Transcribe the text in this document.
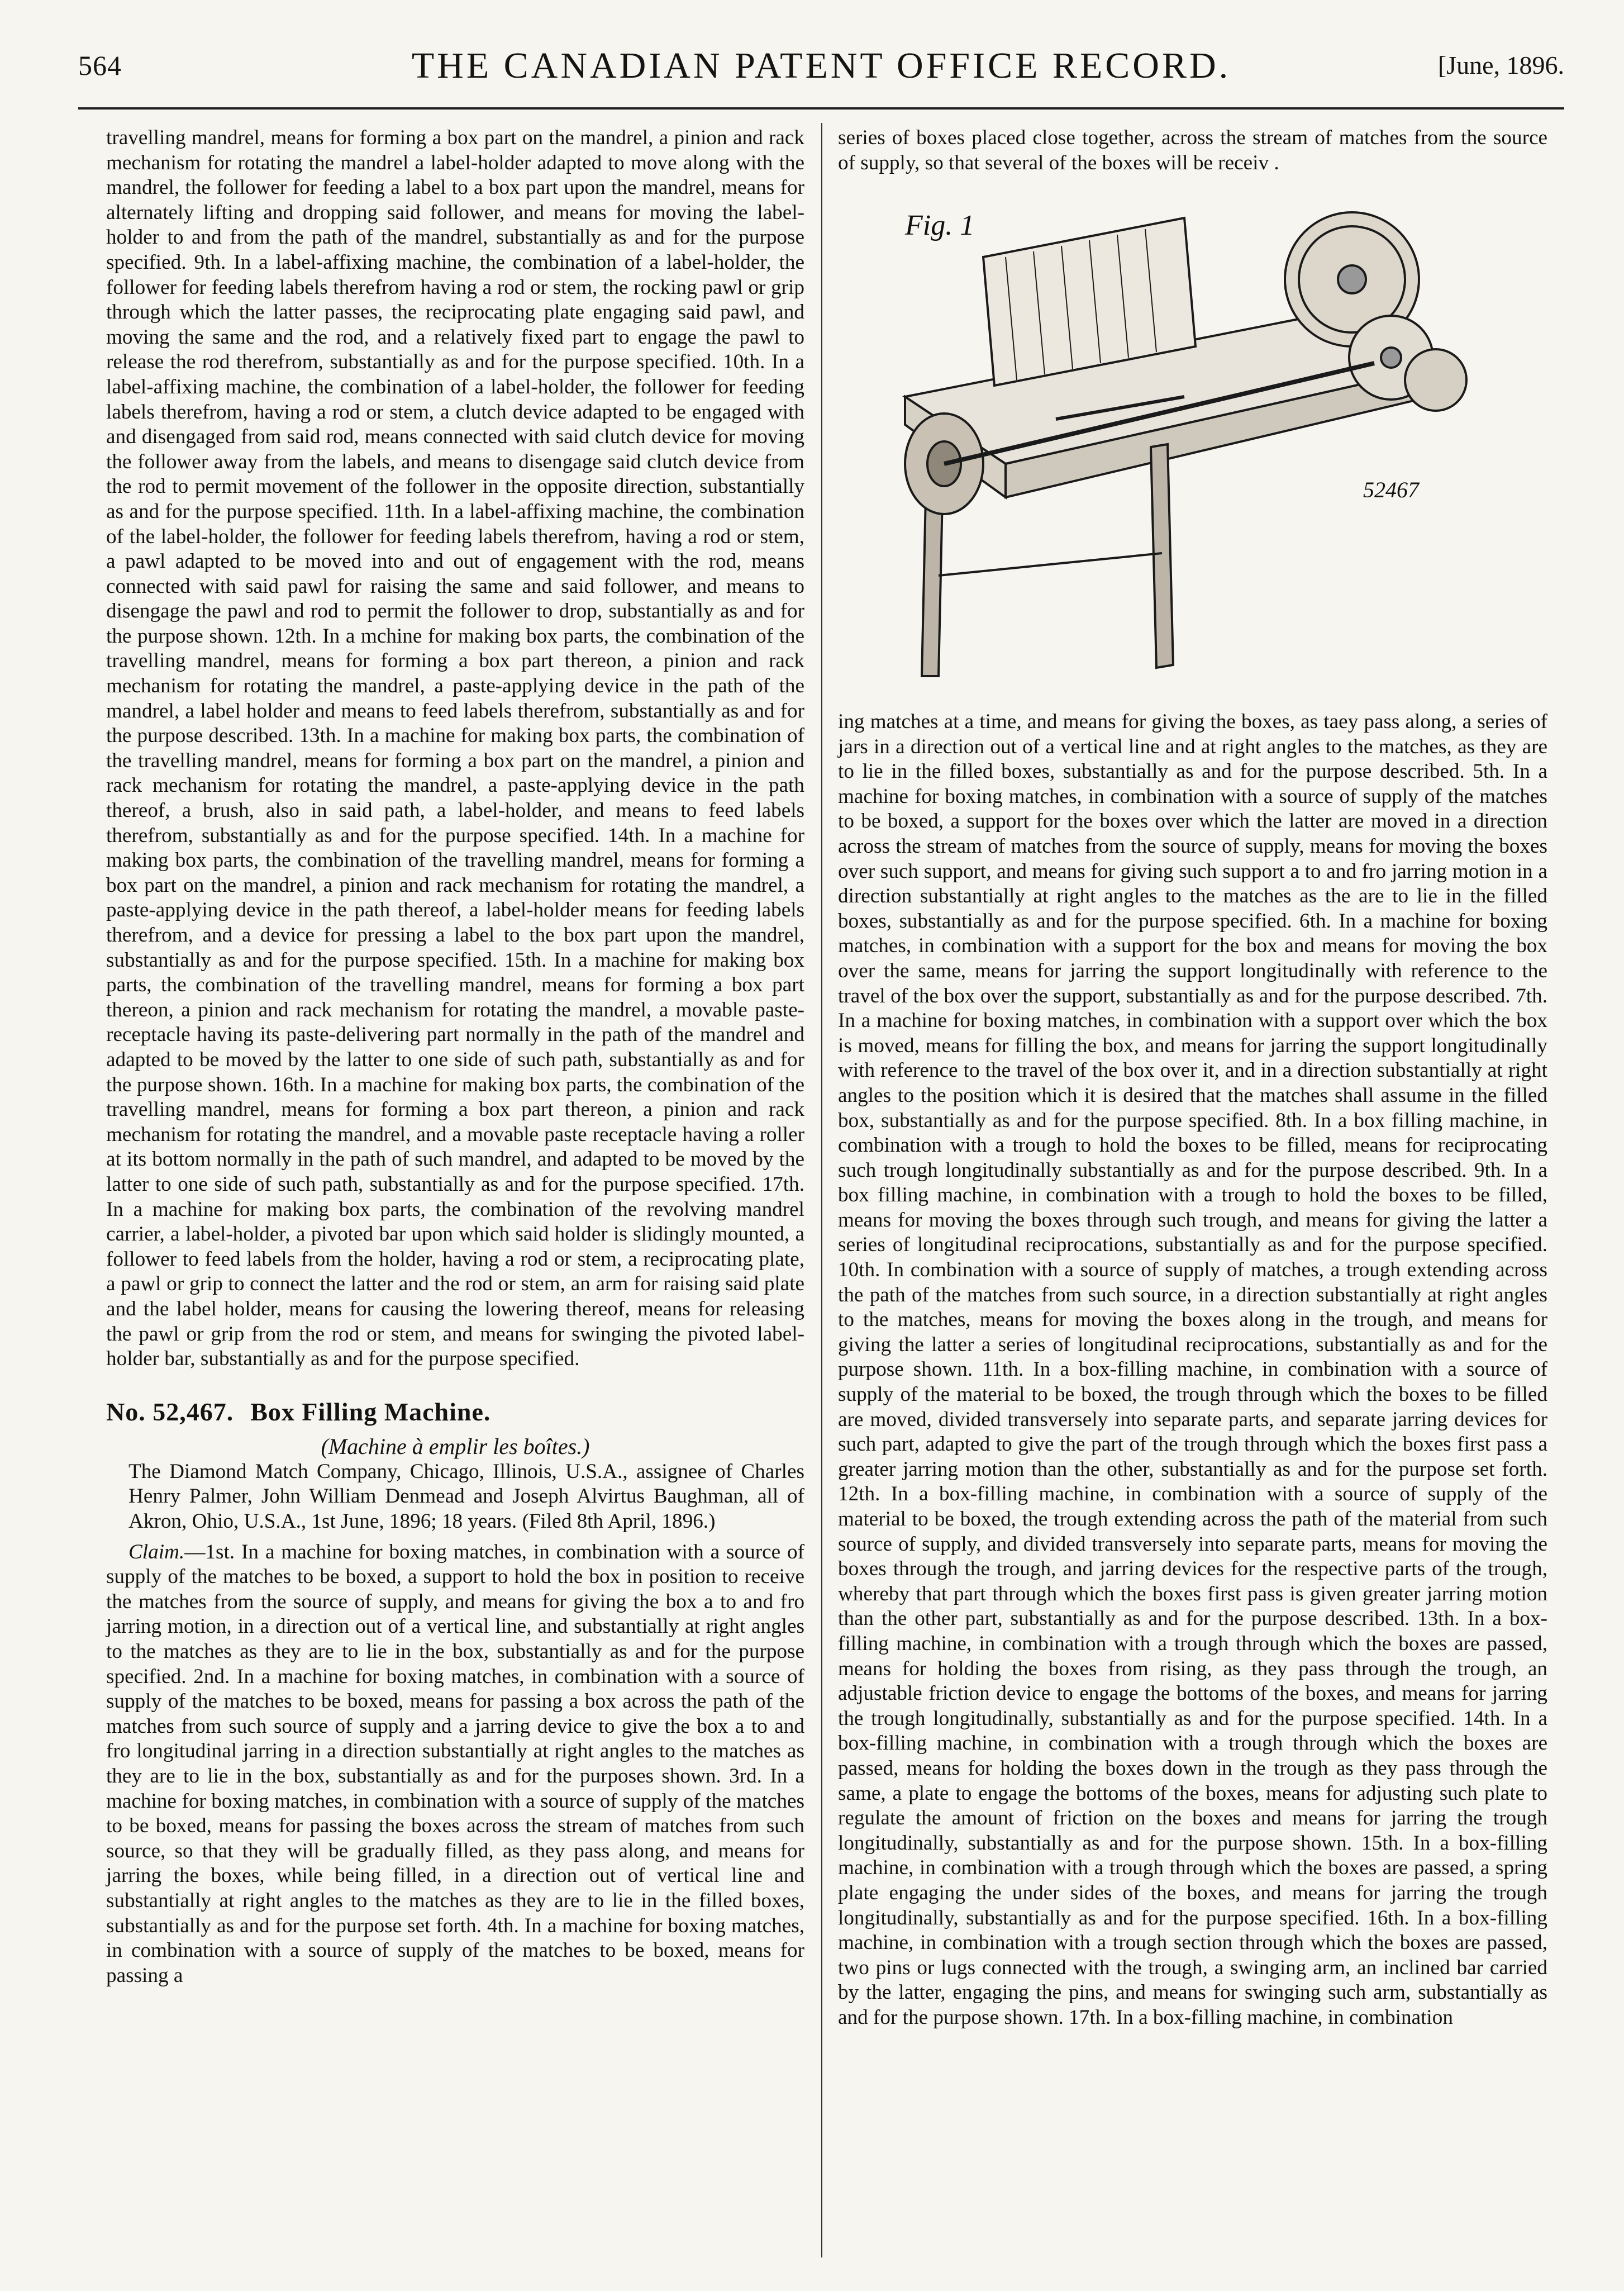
564	THE CANADIAN PATENT OFFICE RECORD.	[June, 1896.

travelling mandrel, means for forming a box part on the mandrel, a pinion and rack mechanism for rotating the mandrel a label-holder adapted to move along with the mandrel, the follower for feeding a label to a box part upon the mandrel, means for alternately lifting and dropping said follower, and means for moving the label-holder to and from the path of the mandrel, substantially as and for the purpose specified. 9th. In a label-affixing machine, the combination of a label-holder, the follower for feeding labels therefrom having a rod or stem, the rocking pawl or grip through which the latter passes, the reciprocating plate engaging said pawl, and moving the same and the rod, and a relatively fixed part to engage the pawl to release the rod therefrom, substantially as and for the purpose specified. 10th. In a label-affixing machine, the combination of a label-holder, the follower for feeding labels therefrom, having a rod or stem, a clutch device adapted to be engaged with and disengaged from said rod, means connected with said clutch device for moving the follower away from the labels, and means to disengage said clutch device from the rod to permit movement of the follower in the opposite direction, substantially as and for the purpose specified. 11th. In a label-affixing machine, the combination of the label-holder, the follower for feeding labels therefrom, having a rod or stem, a pawl adapted to be moved into and out of engagement with the rod, means connected with said pawl for raising the same and said follower, and means to disengage the pawl and rod to permit the follower to drop, substantially as and for the purpose shown. 12th. In a mchine for making box parts, the combination of the travelling mandrel, means for forming a box part thereon, a pinion and rack mechanism for rotating the mandrel, a paste-applying device in the path of the mandrel, a label holder and means to feed labels therefrom, substantially as and for the purpose described. 13th. In a machine for making box parts, the combination of the travelling mandrel, means for forming a box part on the mandrel, a pinion and rack mechanism for rotating the mandrel, a paste-applying device in the path thereof, a brush, also in said path, a label-holder, and means to feed labels therefrom, substantially as and for the purpose specified. 14th. In a machine for making box parts, the combination of the travelling mandrel, means for forming a box part on the mandrel, a pinion and rack mechanism for rotating the mandrel, a paste-applying device in the path thereof, a label-holder means for feeding labels therefrom, and a device for pressing a label to the box part upon the mandrel, substantially as and for the purpose specified. 15th. In a machine for making box parts, the combination of the travelling mandrel, means for forming a box part thereon, a pinion and rack mechanism for rotating the mandrel, a movable paste-receptacle having its paste-delivering part normally in the path of the mandrel and adapted to be moved by the latter to one side of such path, substantially as and for the purpose shown. 16th. In a machine for making box parts, the combination of the travelling mandrel, means for forming a box part thereon, a pinion and rack mechanism for rotating the mandrel, and a movable paste receptacle having a roller at its bottom normally in the path of such mandrel, and adapted to be moved by the latter to one side of such path, substantially as and for the purpose specified. 17th. In a machine for making box parts, the combination of the revolving mandrel carrier, a label-holder, a pivoted bar upon which said holder is slidingly mounted, a follower to feed labels from the holder, having a rod or stem, a reciprocating plate, a pawl or grip to connect the latter and the rod or stem, an arm for raising said plate and the label holder, means for causing the lowering thereof, means for releasing the pawl or grip from the rod or stem, and means for swinging the pivoted label-holder bar, substantially as and for the purpose specified.

No. 52,467. Box Filling Machine.

(Machine à emplir les boîtes.)

The Diamond Match Company, Chicago, Illinois, U.S.A., assignee of Charles Henry Palmer, John William Denmead and Joseph Alvirtus Baughman, all of Akron, Ohio, U.S.A., 1st June, 1896; 18 years. (Filed 8th April, 1896.)

Claim.—1st. In a machine for boxing matches, in combination with a source of supply of the matches to be boxed, a support to hold the box in position to receive the matches from the source of supply, and means for giving the box a to and fro jarring motion, in a direction out of a vertical line, and substantially at right angles to the matches as they are to lie in the box, substantially as and for the purpose specified. 2nd. In a machine for boxing matches, in combination with a source of supply of the matches to be boxed, means for passing a box across the path of the matches from such source of supply and a jarring device to give the box a to and fro longitudinal jarring in a direction substantially at right angles to the matches as they are to lie in the box, substantially as and for the purposes shown. 3rd. In a machine for boxing matches, in combination with a source of supply of the matches to be boxed, means for passing the boxes across the stream of matches from such source, so that they will be gradually filled, as they pass along, and means for jarring the boxes, while being filled, in a direction out of vertical line and substantially at right angles to the matches as they are to lie in the filled boxes, substantially as and for the purpose set forth. 4th. In a machine for boxing matches, in combination with a source of supply of the matches to be boxed, means for passing a

series of boxes placed close together, across the stream of matches from the source of supply, so that several of the boxes will be receiv .

Fig. 1
52467

ing matches at a time, and means for giving the boxes, as taey pass along, a series of jars in a direction out of a vertical line and at right angles to the matches, as they are to lie in the filled boxes, substantially as and for the purpose described. 5th. In a machine for boxing matches, in combination with a source of supply of the matches to be boxed, a support for the boxes over which the latter are moved in a direction across the stream of matches from the source of supply, means for moving the boxes over such support, and means for giving such support a to and fro jarring motion in a direction substantially at right angles to the matches as the are to lie in the filled boxes, substantially as and for the purpose specified. 6th. In a machine for boxing matches, in combination with a support for the box and means for moving the box over the same, means for jarring the support longitudinally with reference to the travel of the box over the support, substantially as and for the purpose described. 7th. In a machine for boxing matches, in combination with a support over which the box is moved, means for filling the box, and means for jarring the support longitudinally with reference to the travel of the box over it, and in a direction substantially at right angles to the position which it is desired that the matches shall assume in the filled box, substantially as and for the purpose specified. 8th. In a box filling machine, in combination with a trough to hold the boxes to be filled, means for reciprocating such trough longitudinally substantially as and for the purpose described. 9th. In a box filling machine, in combination with a trough to hold the boxes to be filled, means for moving the boxes through such trough, and means for giving the latter a series of longitudinal reciprocations, substantially as and for the purpose specified. 10th. In combination with a source of supply of matches, a trough extending across the path of the matches from such source, in a direction substantially at right angles to the matches, means for moving the boxes along in the trough, and means for giving the latter a series of longitudinal reciprocations, substantially as and for the purpose shown. 11th. In a box-filling machine, in combination with a source of supply of the material to be boxed, the trough through which the boxes to be filled are moved, divided transversely into separate parts, and separate jarring devices for such part, adapted to give the part of the trough through which the boxes first pass a greater jarring motion than the other, substantially as and for the purpose set forth. 12th. In a box-filling machine, in combination with a source of supply of the material to be boxed, the trough extending across the path of the material from such source of supply, and divided transversely into separate parts, means for moving the boxes through the trough, and jarring devices for the respective parts of the trough, whereby that part through which the boxes first pass is given greater jarring motion than the other part, substantially as and for the purpose described. 13th. In a box-filling machine, in combination with a trough through which the boxes are passed, means for holding the boxes from rising, as they pass through the trough, an adjustable friction device to engage the bottoms of the boxes, and means for jarring the trough longitudinally, substantially as and for the purpose specified. 14th. In a box-filling machine, in combination with a trough through which the boxes are passed, means for holding the boxes down in the trough as they pass through the same, a plate to engage the bottoms of the boxes, means for adjusting such plate to regulate the amount of friction on the boxes and means for jarring the trough longitudinally, substantially as and for the purpose shown. 15th. In a box-filling machine, in combination with a trough through which the boxes are passed, a spring plate engaging the under sides of the boxes, and means for jarring the trough longitudinally, substantially as and for the purpose specified. 16th. In a box-filling machine, in combination with a trough section through which the boxes are passed, two pins or lugs connected with the trough, a swinging arm, an inclined bar carried by the latter, engaging the pins, and means for swinging such arm, substantially as and for the purpose shown. 17th. In a box-filling machine, in combination
